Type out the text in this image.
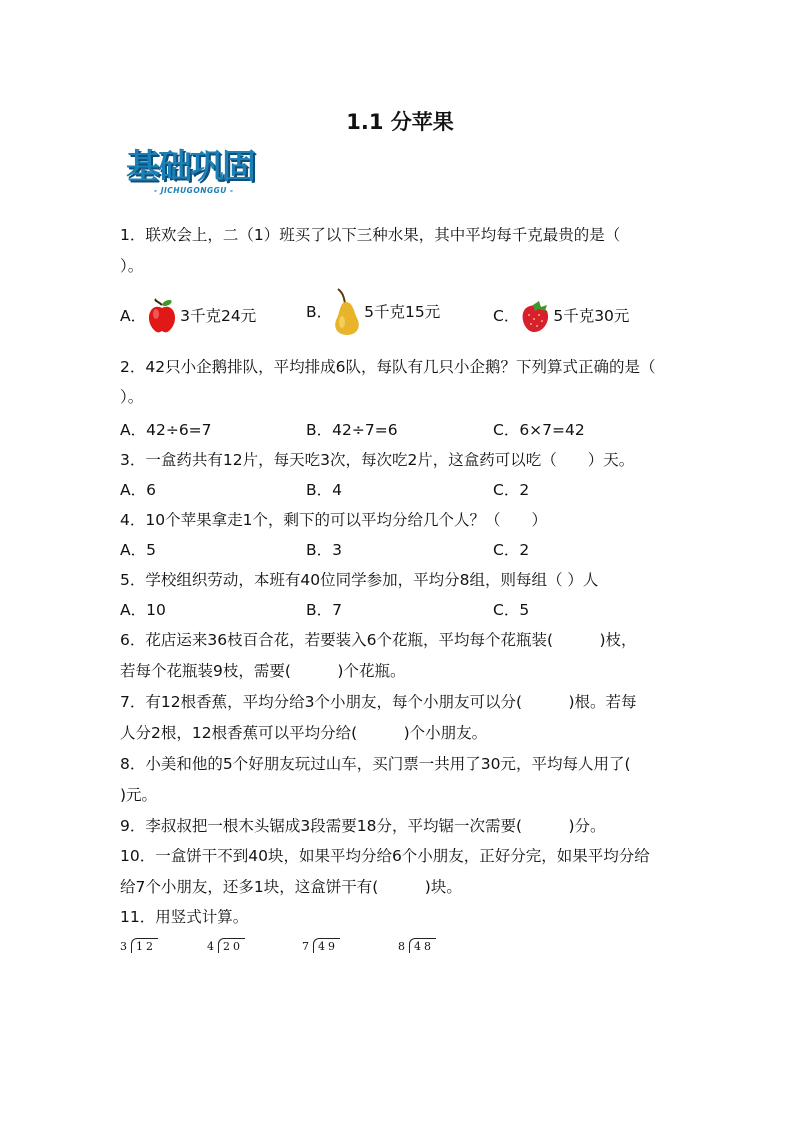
1.1 分苹果
基础巩固
- JICHUGONGGU -
1．联欢会上，二（1）班买了以下三种水果，其中平均每千克最贵的是（
）。
A． 3千克24元	B． 5千克15元	C． 5千克30元
2．42只小企鹅排队，平均排成6队，每队有几只小企鹅？下列算式正确的是（
）。
A．42÷6=7	B．42÷7=6	C．6×7=42
3．一盒药共有12片，每天吃3次，每次吃2片，这盒药可以吃（　　）天。
A．6	B．4	C．2
4．10个苹果拿走1个，剩下的可以平均分给几个人？（　　）
A．5	B．3	C．2
5．学校组织劳动，本班有40位同学参加，平均分8组，则每组（ ）人
A．10	B．7	C．5
6．花店运来36枝百合花，若要装入6个花瓶，平均每个花瓶装(　　　)枝，
若每个花瓶装9枝，需要(　　　)个花瓶。
7．有12根香蕉，平均分给3个小朋友，每个小朋友可以分(　　　)根。若每
人分2根，12根香蕉可以平均分给(　　　)个小朋友。
8．小美和他的5个好朋友玩过山车，买门票一共用了30元，平均每人用了(
)元。
9．李叔叔把一根木头锯成3段需要18分，平均锯一次需要(　　　)分。
10．一盒饼干不到40块，如果平均分给6个小朋友，正好分完，如果平均分给
给7个小朋友，还多1块，这盒饼干有(　　　)块。
11．用竖式计算。
3 12	4 20	7 49	8 48
